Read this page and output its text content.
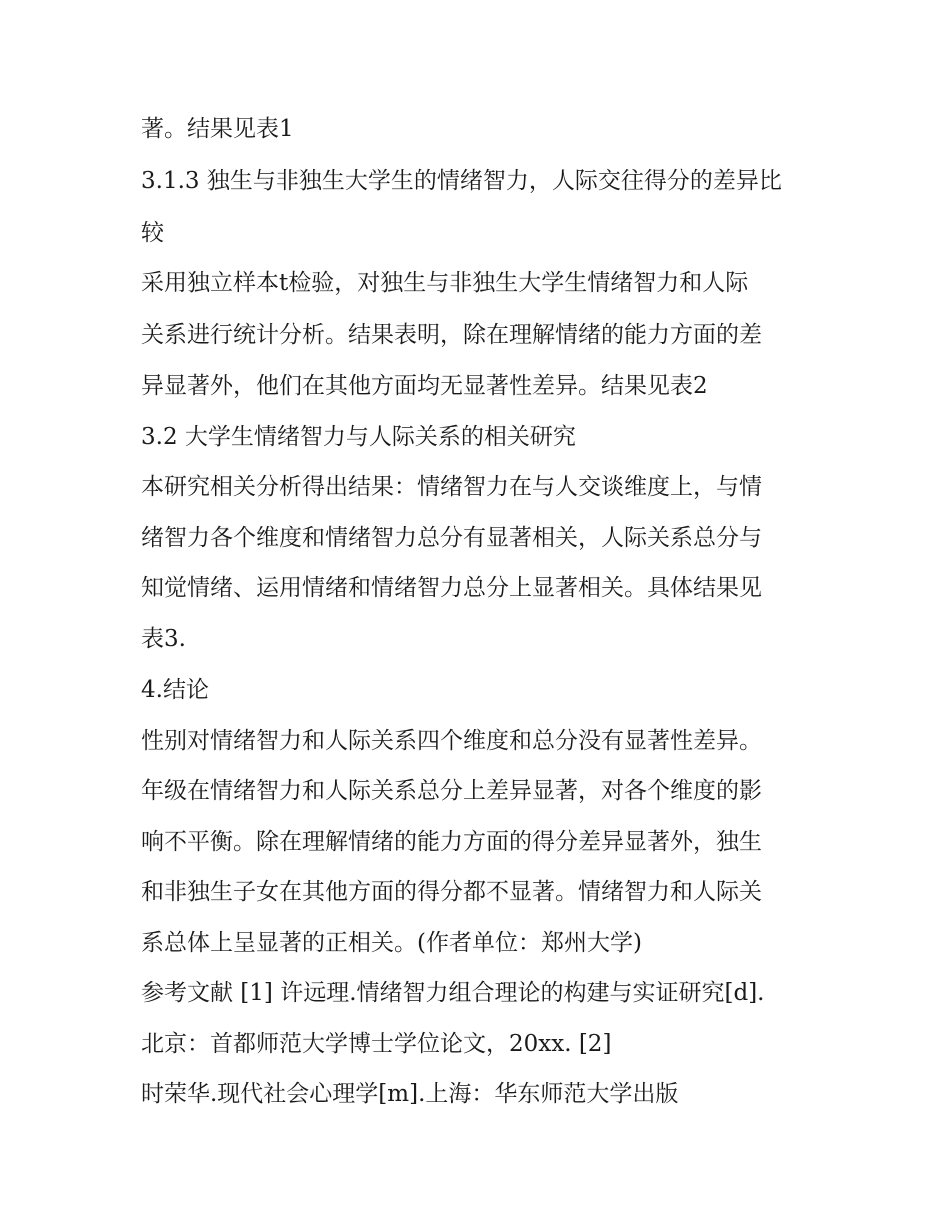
著。结果见表1

3.1.3 独生与非独生大学生的情绪智力，人际交往得分的差异比

较

采用独立样本t检验，对独生与非独生大学生情绪智力和人际

关系进行统计分析。结果表明，除在理解情绪的能力方面的差

异显著外，他们在其他方面均无显著性差异。结果见表2

3.2 大学生情绪智力与人际关系的相关研究

本研究相关分析得出结果：情绪智力在与人交谈维度上，与情

绪智力各个维度和情绪智力总分有显著相关，人际关系总分与

知觉情绪、运用情绪和情绪智力总分上显著相关。具体结果见

表3.

4.结论

性别对情绪智力和人际关系四个维度和总分没有显著性差异。

年级在情绪智力和人际关系总分上差异显著，对各个维度的影

响不平衡。除在理解情绪的能力方面的得分差异显著外，独生

和非独生子女在其他方面的得分都不显著。情绪智力和人际关

系总体上呈显著的正相关。(作者单位：郑州大学)

参考文献 [1] 许远理.情绪智力组合理论的构建与实证研究[d].

北京：首都师范大学博士学位论文，20xx. [2]

时荣华.现代社会心理学[m].上海：华东师范大学出版
